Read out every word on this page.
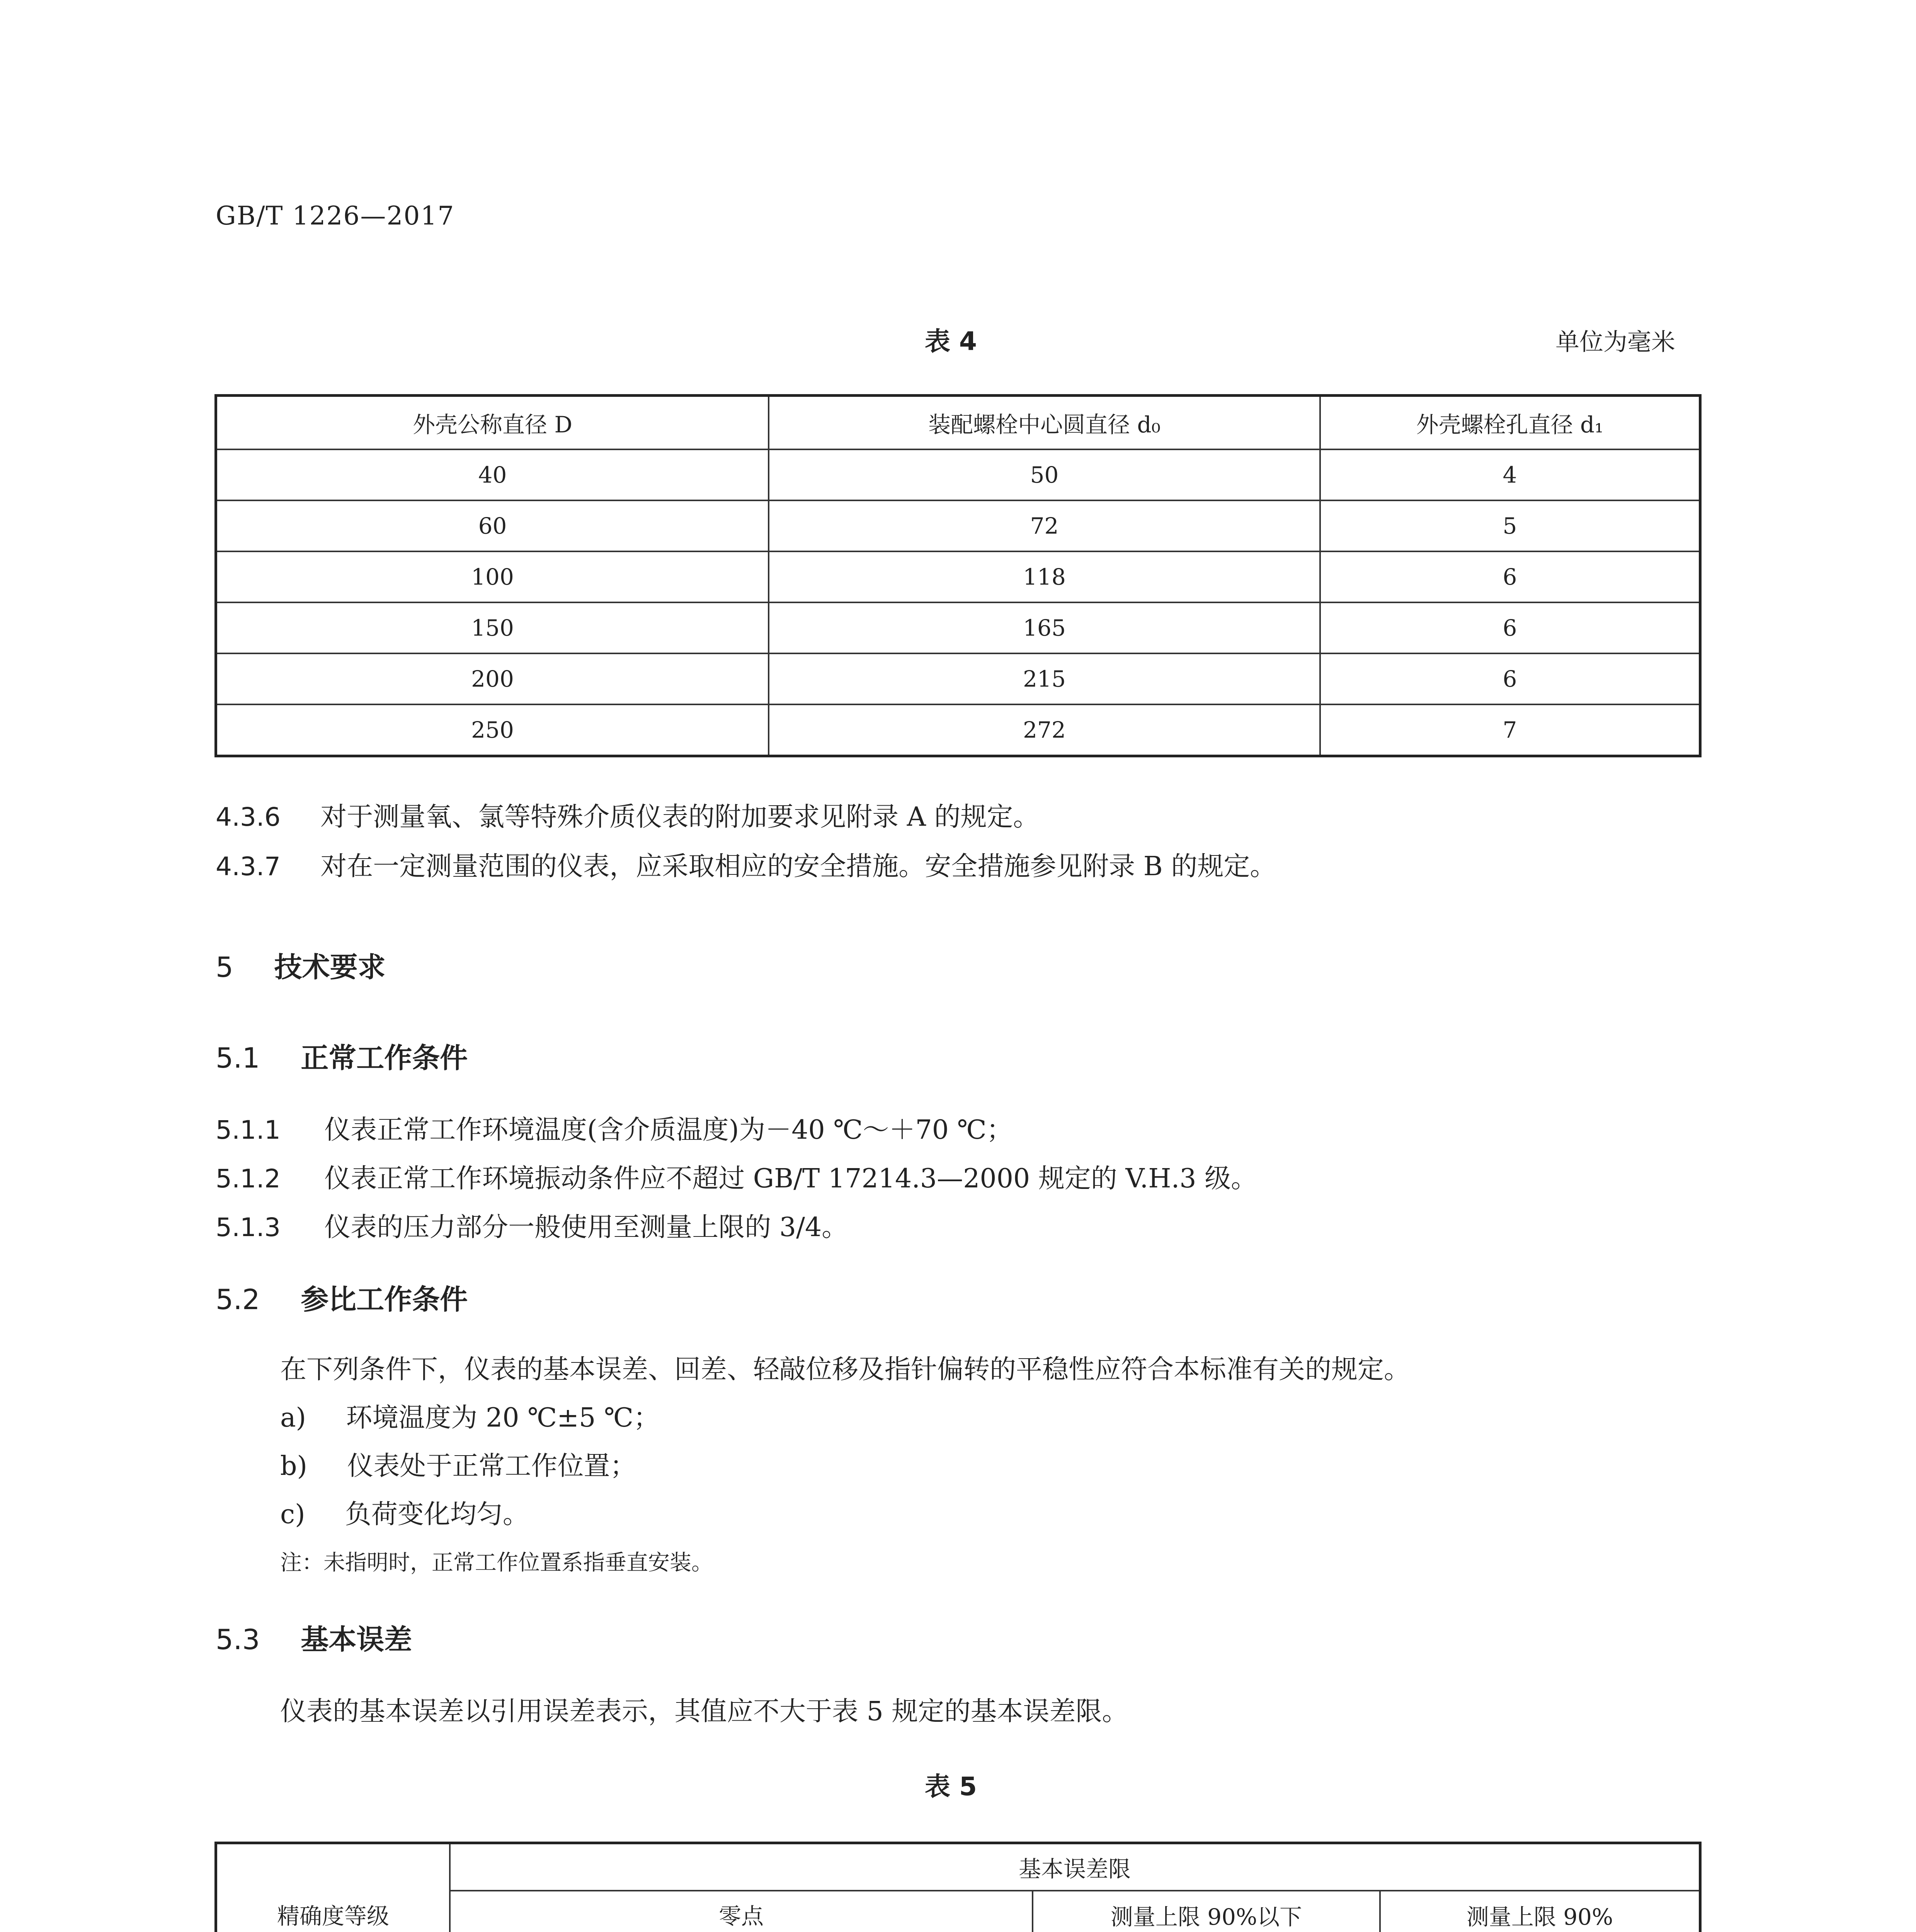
GB/T 1226—2017
表 4	单位为毫米
外壳公称直径 D	装配螺栓中心圆直径 d₀	外壳螺栓孔直径 d₁
40	50	4
60	72	5
100	118	6
150	165	6
200	215	6
250	272	7
4.3.6 对于测量氧、氯等特殊介质仪表的附加要求见附录 A 的规定。
4.3.7 对在一定测量范围的仪表，应采取相应的安全措施。安全措施参见附录 B 的规定。
5 技术要求
5.1 正常工作条件
5.1.1 仪表正常工作环境温度(含介质温度)为－40 ℃～＋70 ℃；
5.1.2 仪表正常工作环境振动条件应不超过 GB/T 17214.3—2000 规定的 V.H.3 级。
5.1.3 仪表的压力部分一般使用至测量上限的 3/4。
5.2 参比工作条件
在下列条件下，仪表的基本误差、回差、轻敲位移及指针偏转的平稳性应符合本标准有关的规定。
a) 环境温度为 20 ℃±5 ℃；
b) 仪表处于正常工作位置；
c) 负荷变化均匀。
注：未指明时，正常工作位置系指垂直安装。
5.3 基本误差
仪表的基本误差以引用误差表示，其值应不大于表 5 规定的基本误差限。
表 5
精确度等级	基本误差限			
	零点		测量上限 90%以下	测量上限 90%
